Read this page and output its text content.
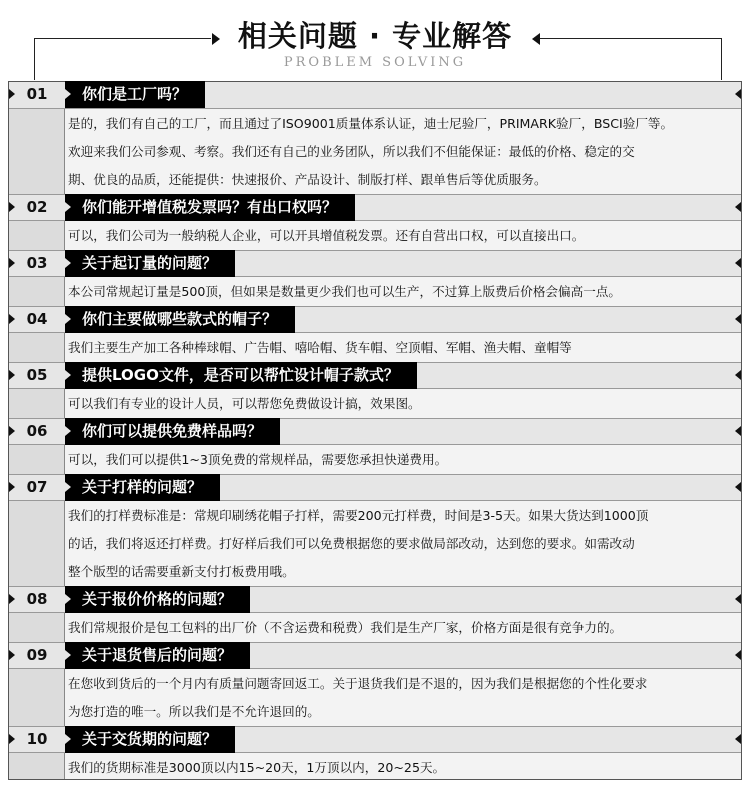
相关问题 · 专业解答
PROBLEM SOLVING
01	你们是工厂吗？
是的，我们有自己的工厂，而且通过了ISO9001质量体系认证，迪士尼验厂，PRIMARK验厂，BSCI验厂等。
欢迎来我们公司参观、考察。我们还有自己的业务团队，所以我们不但能保证：最低的价格、稳定的交
期、优良的品质，还能提供：快速报价、产品设计、制版打样、跟单售后等优质服务。
02	你们能开增值税发票吗？有出口权吗？
可以，我们公司为一般纳税人企业，可以开具增值税发票。还有自营出口权，可以直接出口。
03	关于起订量的问题？
本公司常规起订量是500顶，但如果是数量更少我们也可以生产，不过算上版费后价格会偏高一点。
04	你们主要做哪些款式的帽子？
我们主要生产加工各种棒球帽、广告帽、嘻哈帽、货车帽、空顶帽、军帽、渔夫帽、童帽等
05	提供LOGO文件，是否可以帮忙设计帽子款式？
可以我们有专业的设计人员，可以帮您免费做设计搞，效果图。
06	你们可以提供免费样品吗？
可以，我们可以提供1~3顶免费的常规样品，需要您承担快递费用。
07	关于打样的问题？
我们的打样费标准是：常规印刷绣花帽子打样，需要200元打样费，时间是3-5天。如果大货达到1000顶
的话，我们将返还打样费。打好样后我们可以免费根据您的要求做局部改动，达到您的要求。如需改动
整个版型的话需要重新支付打板费用哦。
08	关于报价价格的问题？
我们常规报价是包工包料的出厂价（不含运费和税费）我们是生产厂家，价格方面是很有竞争力的。
09	关于退货售后的问题？
在您收到货后的一个月内有质量问题寄回返工。关于退货我们是不退的，因为我们是根据您的个性化要求
为您打造的唯一。所以我们是不允许退回的。
10	关于交货期的问题？
我们的货期标准是3000顶以内15~20天，1万顶以内，20~25天。
